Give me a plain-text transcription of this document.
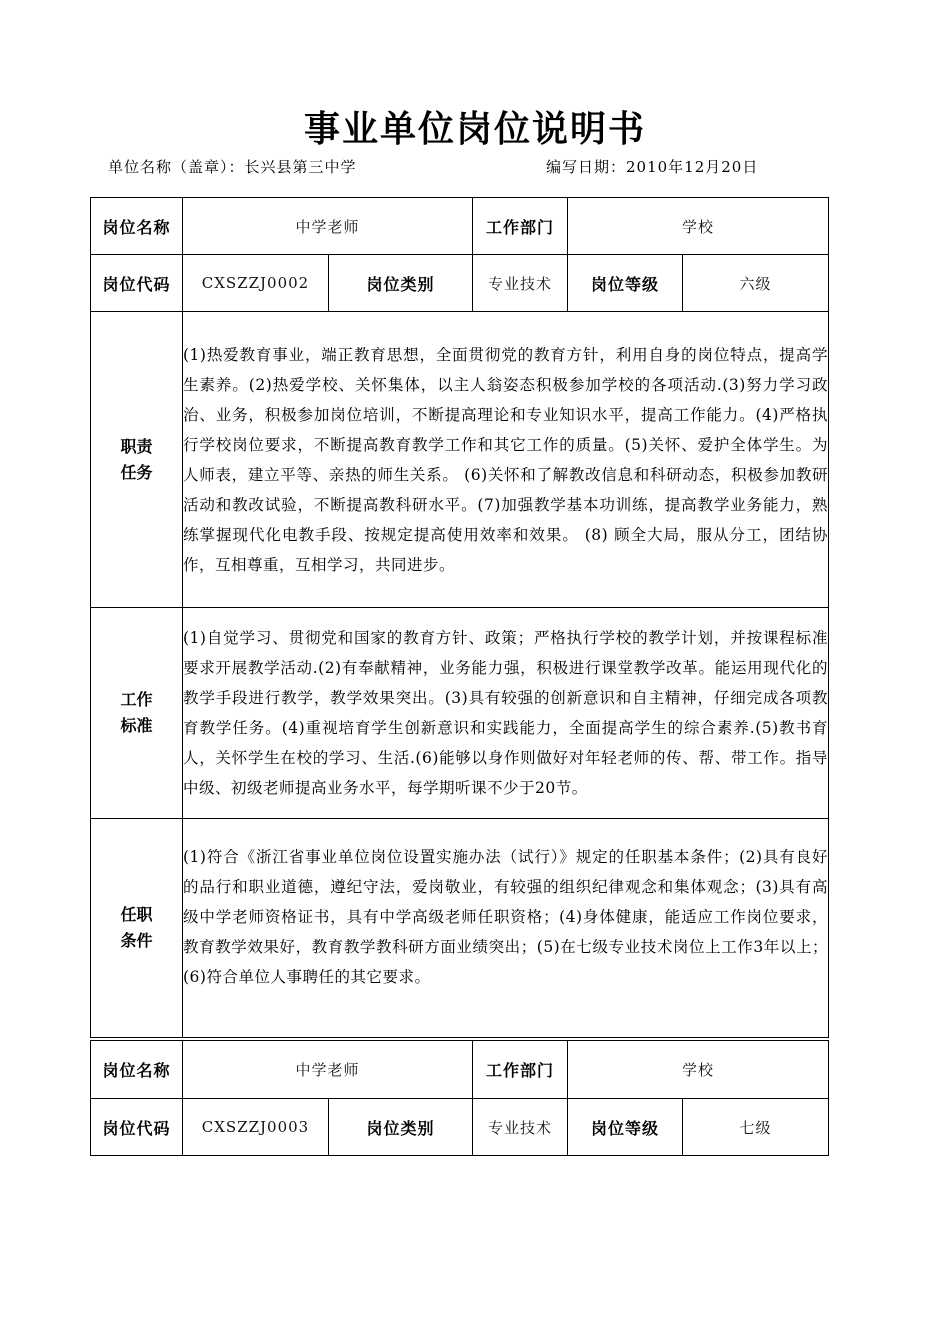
事业单位岗位说明书
单位名称（盖章）：长兴县第三中学	编写日期：2010年12月20日
岗位名称	中学老师		工作部门	学校	
岗位代码	CXSZZJ0002	岗位类别	专业技术	岗位等级	六级

职责
任务	(1)热爱教育事业，端正教育思想，全面贯彻党的教育方针，利用自身的岗位特点，提高学生素养。(2)热爱学校、关怀集体，以主人翁姿态积极参加学校的各项活动.(3)努力学习政治、业务，积极参加岗位培训，不断提高理论和专业知识水平，提高工作能力。(4)严格执行学校岗位要求，不断提高教育教学工作和其它工作的质量。(5)关怀、爱护全体学生。为人师表，建立平等、亲热的师生关系。 (6)关怀和了解教改信息和科研动态，积极参加教研活动和教改试验，不断提高教科研水平。(7)加强教学基本功训练，提高教学业务能力，熟练掌握现代化电教手段、按规定提高使用效率和效果。 (8) 顾全大局，服从分工，团结协作，互相尊重，互相学习，共同进步。				

工作
标准	(1)自觉学习、贯彻党和国家的教育方针、政策；严格执行学校的教学计划，并按课程标准要求开展教学活动.(2)有奉献精神，业务能力强，积极进行课堂教学改革。能运用现代化的教学手段进行教学，教学效果突出。(3)具有较强的创新意识和自主精神，仔细完成各项教育教学任务。(4)重视培育学生创新意识和实践能力，全面提高学生的综合素养.(5)教书育人，关怀学生在校的学习、生活.(6)能够以身作则做好对年轻老师的传、帮、带工作。指导中级、初级老师提高业务水平，每学期听课不少于20节。				

任职
条件	(1)符合《浙江省事业单位岗位设置实施办法（试行）》规定的任职基本条件；(2)具有良好的品行和职业道德，遵纪守法，爱岗敬业，有较强的组织纪律观念和集体观念；(3)具有高级中学老师资格证书，具有中学高级老师任职资格；(4)身体健康，能适应工作岗位要求，教育教学效果好，教育教学教科研方面业绩突出；(5)在七级专业技术岗位上工作3年以上；(6)符合单位人事聘任的其它要求。				
岗位名称	中学老师		工作部门	学校	
岗位代码	CXSZZJ0003	岗位类别	专业技术	岗位等级	七级
